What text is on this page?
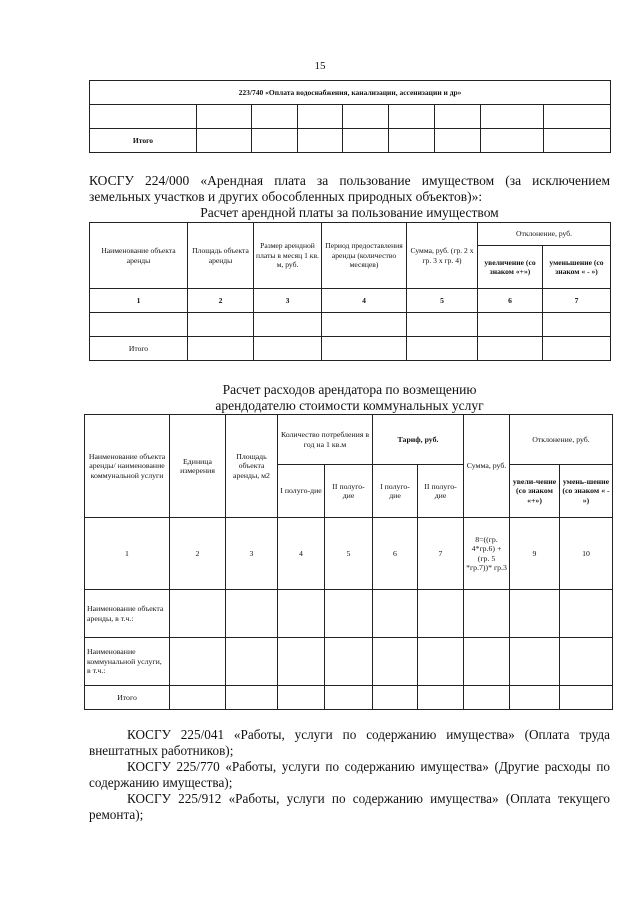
15
223/740 «Оплата водоснабжения, канализации, ассенизации и др»								

Итого								
КОСГУ 224/000 «Арендная плата за пользование имуществом (за исключением земельных участков и других обособленных природных объектов)»:
Расчет арендной платы за пользование имуществом
Наименование объекта аренды	Площадь объекта аренды	Размер арендной платы в месяц 1 кв. м, руб.	Период предоставления аренды (количество месяцев)	Сумма, руб. (гр. 2 х гр. 3 х гр. 4)	Отклонение, руб.	
					увеличение (со знаком «+»)	уменьшение (со знаком « - »)
1	2	3	4	5	6	7

Итого						
Расчет расходов арендатора по возмещению
арендодателю стоимости коммунальных услуг
Наименование объекта аренды/ наименование коммунальной услуги	Единица измерения	Площадь объекта аренды, м2	Количество потребления в год на 1 кв.м		Тариф, руб.		Сумма, руб.	Отклонение, руб.	
			I полуго-дие	II полуго-дие	I полуго-дие	II полуго-дие		увели-чение (со знаком «+»)	умень-шение (со знаком « - »)
1	2	3	4	5	6	7	8=((гр. 4*гр.6) +(гр. 5 *гр.7))* гр.3	9	10
Наименование объекта аренды, в т.ч.:									
Наименование коммунальной услуги, в т.ч.:									
Итого									

КОСГУ 225/041 «Работы, услуги по содержанию имущества» (Оплата труда внештатных работников);

КОСГУ 225/770 «Работы, услуги по содержанию имущества» (Другие расходы по содержанию имущества);

КОСГУ 225/912 «Работы, услуги по содержанию имущества» (Оплата текущего ремонта);
